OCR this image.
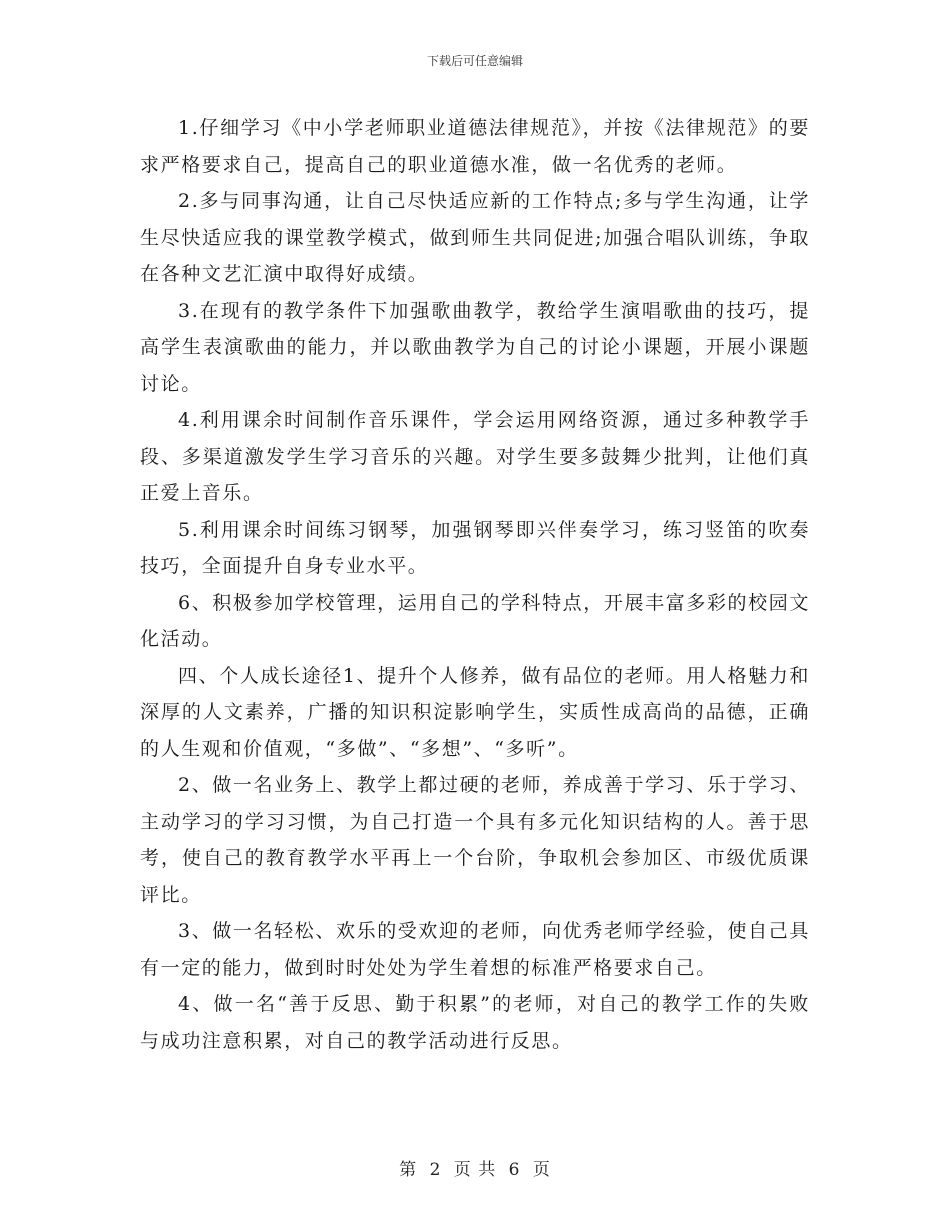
下载后可任意编辑

1.仔细学习《中小学老师职业道德法律规范》，并按《法律规范》的要求严格要求自己，提高自己的职业道德水准，做一名优秀的老师。

2.多与同事沟通，让自己尽快适应新的工作特点;多与学生沟通，让学生尽快适应我的课堂教学模式，做到师生共同促进;加强合唱队训练，争取在各种文艺汇演中取得好成绩。

3.在现有的教学条件下加强歌曲教学，教给学生演唱歌曲的技巧，提高学生表演歌曲的能力，并以歌曲教学为自己的讨论小课题，开展小课题讨论。

4.利用课余时间制作音乐课件，学会运用网络资源，通过多种教学手段、多渠道激发学生学习音乐的兴趣。对学生要多鼓舞少批判，让他们真正爱上音乐。

5.利用课余时间练习钢琴，加强钢琴即兴伴奏学习，练习竖笛的吹奏技巧，全面提升自身专业水平。

6、积极参加学校管理，运用自己的学科特点，开展丰富多彩的校园文化活动。

四、个人成长途径1、提升个人修养，做有品位的老师。用人格魅力和深厚的人文素养，广播的知识积淀影响学生，实质性成高尚的品德，正确的人生观和价值观，“多做”、“多想”、“多听”。

2、做一名业务上、教学上都过硬的老师，养成善于学习、乐于学习、主动学习的学习习惯，为自己打造一个具有多元化知识结构的人。善于思考，使自己的教育教学水平再上一个台阶，争取机会参加区、市级优质课评比。

3、做一名轻松、欢乐的受欢迎的老师，向优秀老师学经验，使自己具有一定的能力，做到时时处处为学生着想的标准严格要求自己。

4、做一名“善于反思、勤于积累”的老师，对自己的教学工作的失败与成功注意积累，对自己的教学活动进行反思。

第 2 页 共 6 页
